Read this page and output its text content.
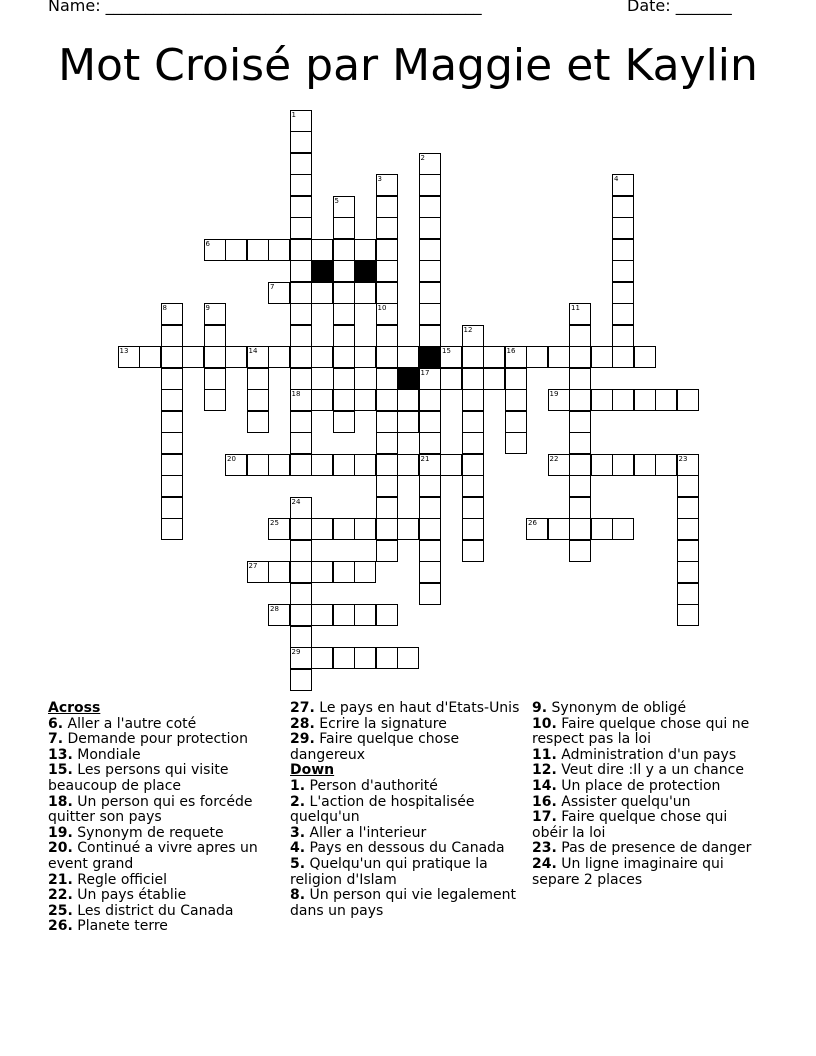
Name: _______________________________________________	Date: _______
Mot Croisé par Maggie et Kaylin
6
7
13	14	15	16
18	19
20	21	22	23
25	26
27
28
29
17
1
2
3
10
4
5
8	9	11
12
24
Across
6. Aller a l'autre coté
7. Demande pour protection
13. Mondiale
15. Les persons qui visite beaucoup de place
18. Un person qui es forcéde quitter son pays
19. Synonym de requete
20. Continué a vivre apres un event grand
21. Regle officiel
22. Un pays établie
25. Les district du Canada
26. Planete terre
27. Le pays en haut d'Etats-Unis
28. Ecrire la signature
29. Faire quelque chose dangereux
Down
1. Person d'authorité
2. L'action de hospitalisée quelqu'un
3. Aller a l'interieur
4. Pays en dessous du Canada
5. Quelqu'un qui pratique la religion d'Islam
8. Un person qui vie legalement dans un pays
9. Synonym de obligé
10. Faire quelque chose qui ne respect pas la loi
11. Administration d'un pays
12. Veut dire :Il y a un chance
14. Un place de protection
16. Assister quelqu'un
17. Faire quelque chose qui obéir la loi
23. Pas de presence de danger
24. Un ligne imaginaire qui separe 2 places
